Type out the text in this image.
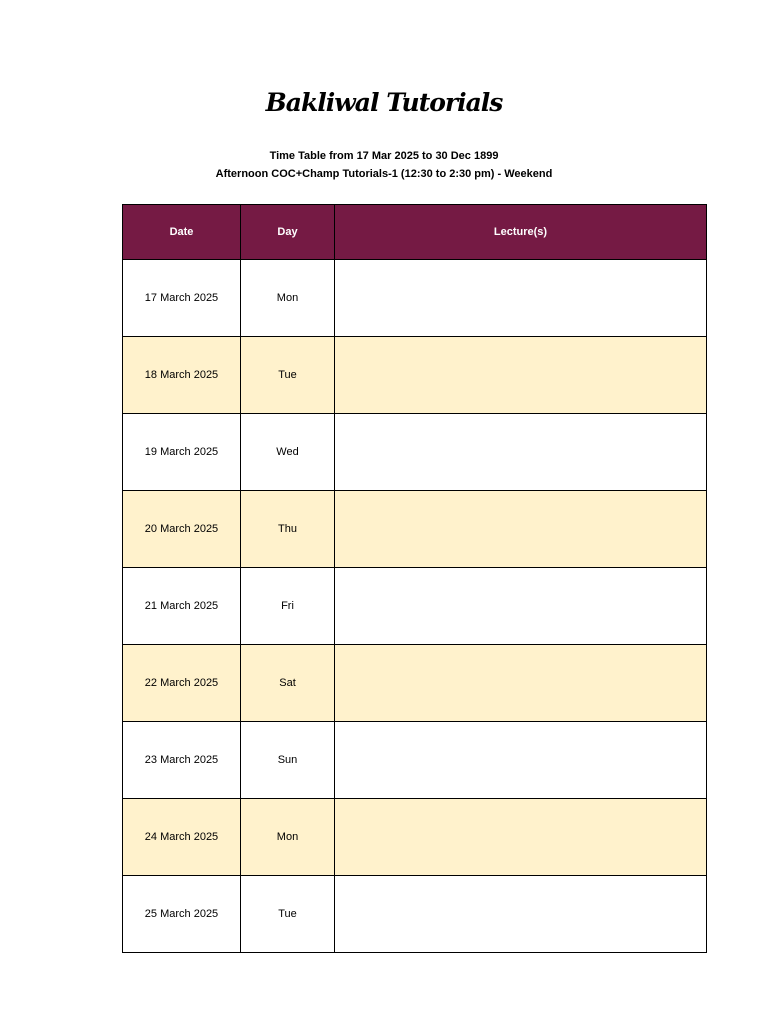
Bakliwal Tutorials
Time Table from 17 Mar 2025 to 30 Dec 1899
Afternoon COC+Champ Tutorials-1 (12:30 to 2:30 pm) - Weekend
Date	Day	Lecture(s)
17 March 2025	Mon	
18 March 2025	Tue	
19 March 2025	Wed	
20 March 2025	Thu	
21 March 2025	Fri	
22 March 2025	Sat	
23 March 2025	Sun	
24 March 2025	Mon	
25 March 2025	Tue	
